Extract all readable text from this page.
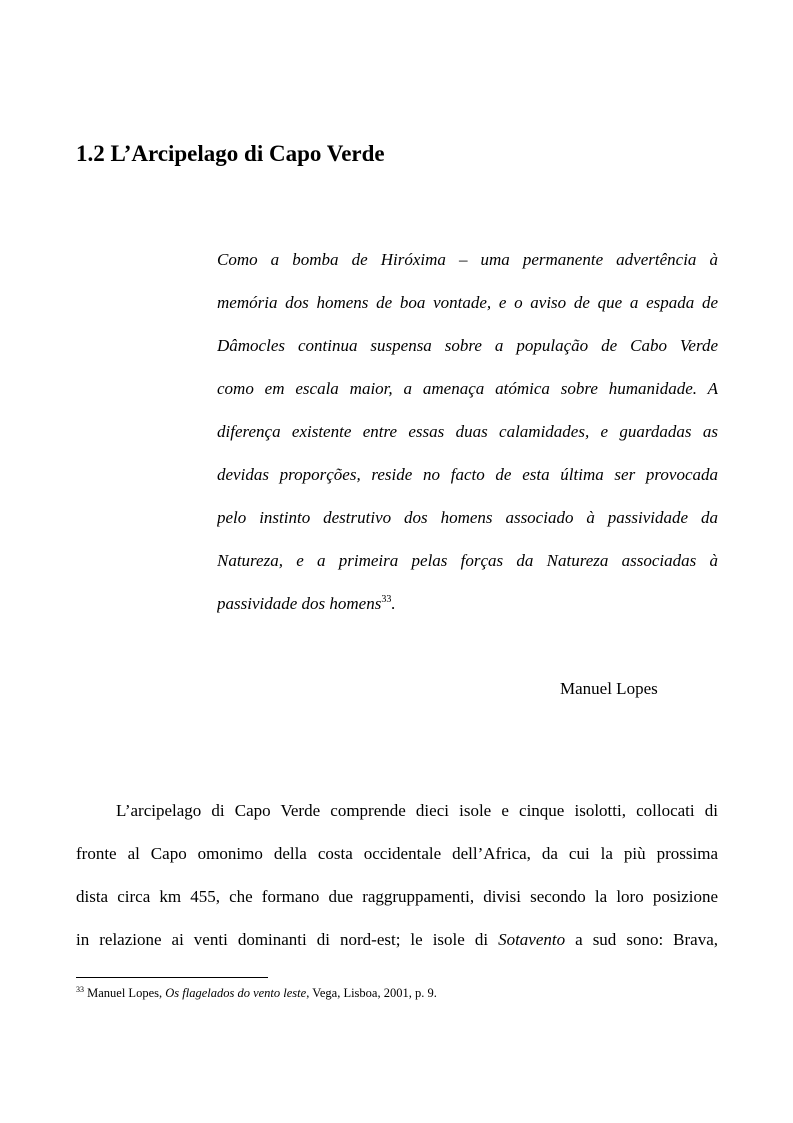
1.2 L’Arcipelago di Capo Verde
Como a bomba de Hiróxima – uma permanente advertência à
memória dos homens de boa vontade, e o aviso de que a espada de
Dâmocles continua suspensa sobre a população de Cabo Verde
como em escala maior, a amenaça atómica sobre humanidade. A
diferença existente entre essas duas calamidades, e guardadas as
devidas proporções, reside no facto de esta última ser provocada
pelo instinto destrutivo dos homens associado à passividade da
Natureza, e a primeira pelas forças da Natureza associadas à
passividade dos homens$^{33}$.
Manuel Lopes
L’arcipelago di Capo Verde comprende dieci isole e cinque isolotti, collocati di
fronte al Capo omonimo della costa occidentale dell’Africa, da cui la più prossima
dista circa km 455, che formano due raggruppamenti, divisi secondo la loro posizione
in relazione ai venti dominanti di nord-est; le isole di Sotavento a sud sono: Brava,
$^{33}$ Manuel Lopes, Os flagelados do vento leste, Vega, Lisboa, 2001, p. 9.
